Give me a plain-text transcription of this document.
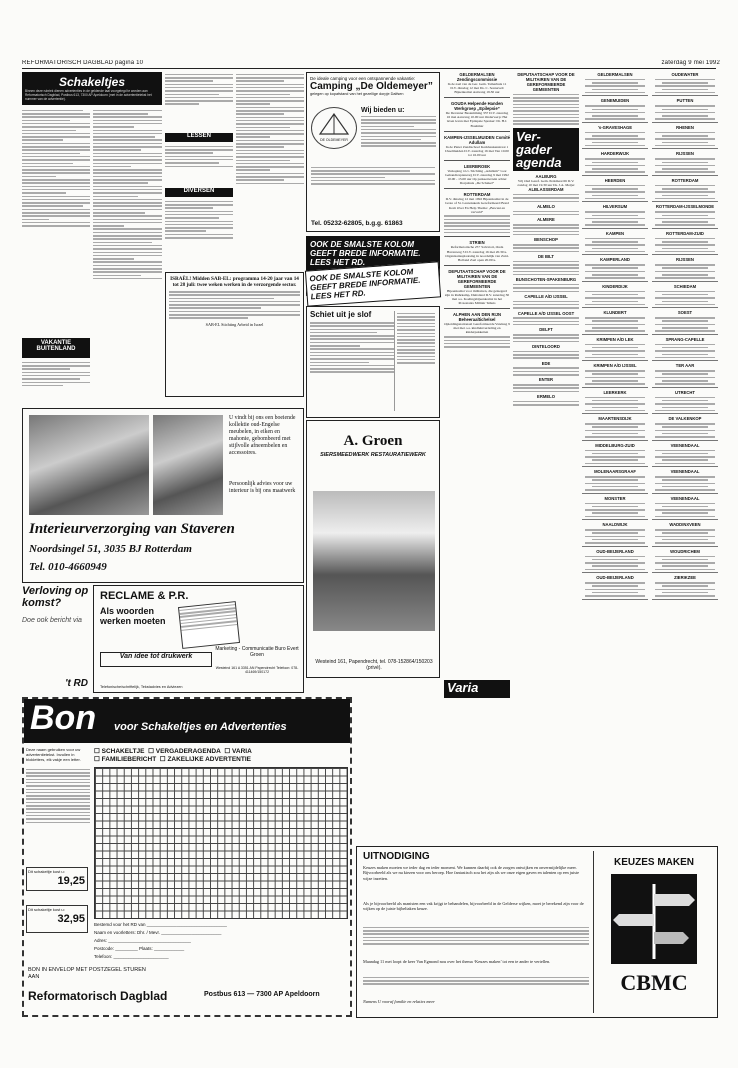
REFORMATORISCH DAGBLAD pagina 10	zaterdag 9 mei 1992
Schakeltjes
Binnen deze rubriek dienen advertenties in de geldende taal voorgelegd te worden aan Reformatorisch Dagblad, Postbus 613, 7300 AP Apeldoorn (met in de advertentietekst het nummer van de advertentie).
VAKANTIE BUITENLAND
LESSEN
DIVERSEN
ISRAËL! Midden SAB-EL: programma 14-20 jaar van 14 tot 28 juli: twee weken werken in de verzorgende sector.
SAB-EL Stichting Arbeid in Israel
De ideale camping voor een ontspannende vakantie:
Camping „De Oldemeyer”
gelegen op kopafstand van het gezellige dorpje Dalfsen
DE OLDEMEYER
Wij bieden u:
Tel. 05232-62805, b.g.g. 61863
OOK DE SMALSTE KOLOM GEEFT BREDE INFORMATIE. LEES HET RD.
OOK DE SMALSTE KOLOM GEEFT BREDE INFORMATIE. LEES HET RD.
Schiet uit je slof
U vindt bij ons een boeiende kollektie oud-Engelse meubelen, in eiken en mahonie, gebombeerd met stijlvolle afneembelen en accessoires.
Persoonlijk advies voor uw interieur is bij ons maatwerk
Interieurverzorging van Staveren
Noordsingel 51, 3035 BJ Rotterdam
Tel. 010-4660949
A. Groen
SIERSMEEDWERK RESTAURATIEWERK
Westeind 161, Papendrecht, tel. 078-152864/150203 (privé).
Verloving op komst?
Doe ook bericht via
't RD
RECLAME & P.R.
Als woorden werken moeten
Van idee tot drukwerk
Marketing - Communicatie Buro Evert Groen
Westeind 161 A 3351 AN Papendrecht Telefoon: 078-411469/150172
Telefonische/schriftelijk, Tekstadvies en Adviezen
Bon voor Schakeltjes en Advertenties
Deze naam gebruiken voor uw advertentietekst. Invullen in blokletters, elk vakje een letter.
Dit schakeltje kost u:
19,25
Dit schakeltje kost u:
32,95
☐ SCHAKELTJE ☐ VERGADERAGENDA ☐ VARIA
☐ FAMILIEBERICHT ☐ ZAKELIJKE ADVERTENTIE
Bestemd voor het RD van ________________________________
Naam en voorletters: Dhr. / Mevr. ________________________
Adres: _________________________________
Postcode: _________ Plaats: ____________
Telefoon: ______________________
BON IN ENVELOP MET POSTZEGEL STUREN AAN
Reformatorisch Dagblad	Postbus 613 — 7300 AP Apeldoorn
GELDERMALSEN Zendingscommissie
In de zaal van de Ger. Gem. Tamarhuis 11 D.V. dinsdag 12 mei Ds. C. Sonnevelt Bijeenkomst Aanvang 19.30 uur
GOUDA Helpende Handen Werkgroep „Epilepsie”
De Deventer Bestemming 337 D.V. zaterdag 16 mei Aanvang 10.00 uur Onderwerp: Het leven leven met Epilepsie Spreker: Dr. H.J. Bouhmar
KAMPEN-IJSSELMUIDEN Comité Adullam
In de Pieter Zandtschool Kerkbeukenstraat 1 IJsselmuiden D.V. zaterdag 16 mei Van 10.00 tot 16.00 uur
LEERBROEK
Verkoping t.b.v. Stichting „Adullam” voor Gehandicaptenzorg D.V. zaterdag 9 mei 1992 10.00 - 15.00 uur Op parkeerterrein achter Dorpshuis „De Schakel”
ROTTERDAM
D.V. dinsdag 12 mei 1992 Bijeenkomst in de Grote of St. Laurenskerk Gereformeerd Bond Kom Over En Help Thema: „Bewust en vervuld”
STRIEN
Reformatorische 25+ Salvatori, Ouda Havenweg 3 D.V. zaterdag 16 mei 20.30 u. Organisatiesplaatsing in noordelijk van Zuid-Holland Zaal open 20.00 u.
DEPUTAATSCHAP VOOR DE MILITAIREN VAN DE GEREFORMEERDE GEMEENTEN
Bijeenkomst voor militairen, die geleegerd zijn in Ruhrkamp, Duitsland D.V. zaterdag 30 mei a.s. Koelingsbijeenkomst in het Protestants Militair Tehuis
ALPHEN AAN DEN RIJN Beheeraaltichelsel
Opleidingsnationaal Gereformeerde Vandaag 9 mei met o.a. kindleinverdeling en kinderpakketten
DEPUTAATSCHAP VOOR DE MILITAIREN VAN DE GEREFORMEERDE GEMEENTEN
Ver- gader agenda
AALBURG
Vrij Oud Geref. Gem. Perkmaat 66 D.V. zondag 10 mei 19.30 uur Ds. J.A. Meijer
ALBLASSERDAM
ALMELO
ALMERE
BENSCHOP
DE BILT
BUNSCHOTEN-SPAKENBURG
CAPELLE A/D IJSSEL
CAPELLE A/D IJSSEL OOST
DELFT
DINTELOORD
EDE
ENTER
ERMELO
Varia
GELDERMALSEN
GENEMUIDEN
's-GRAVESHAGE
HARDERWIJK
HEERDEN
HILVERSUM
KAMPEN
KAMPERLAND
KINDERDIJK
KLUNDERT
KRIMPEN A/D LEK
KRIMPEN A/D IJSSEL
LEERKERK
MAARTENSDIJK
MIDDELBURG-ZUID
MOLENAARSGRAAF
MONSTER
NAALDWIJK
OUD-BEIJERLAND
OUD-BEIJERLAND
OUDEWATER
PUTTEN
RHENEN
RIJSSEN
ROTTERDAM
ROTTERDAM-IJSSELMONDE
ROTTERDAM-ZUID
RIJSSEN
SCHIEDAM
SOEST
SPRANG-CAPELLE
TER AAR
UTRECHT
DE VALKENKOP
VEENENDAAL
VEENENDAAL
VEENENDAAL
WADDINXVEEN
WOUDRICHEM
ZIERIKZEE
UITNODIGING
Keuzes maken moeten we ieder dag en ieder moment. We kunnen daarbij ook de zorgen ontwijken en onvermijdelijke meer. Bijvoorbeeld als we nu kiezen voor ons beroep. Hoe fantastisch zou het zijn als we onze eigen gaven en talenten op een juiste wijze inzetten.
Als je bijvoorbeeld als manisten een vak krijgt te behandelen, bijvoorbeeld in de Gelderse wijken, moet je berekend zijn voor de wijken op de juiste bijbeltaken keuze.
Maandag 11 mei loopt de keer Van Egmond nou over het thema ‘Keuzes maken’ tot een te ander te vertellen.
Namens U vooraf familie en relaties meer
KEUZES MAKEN
CBMC
